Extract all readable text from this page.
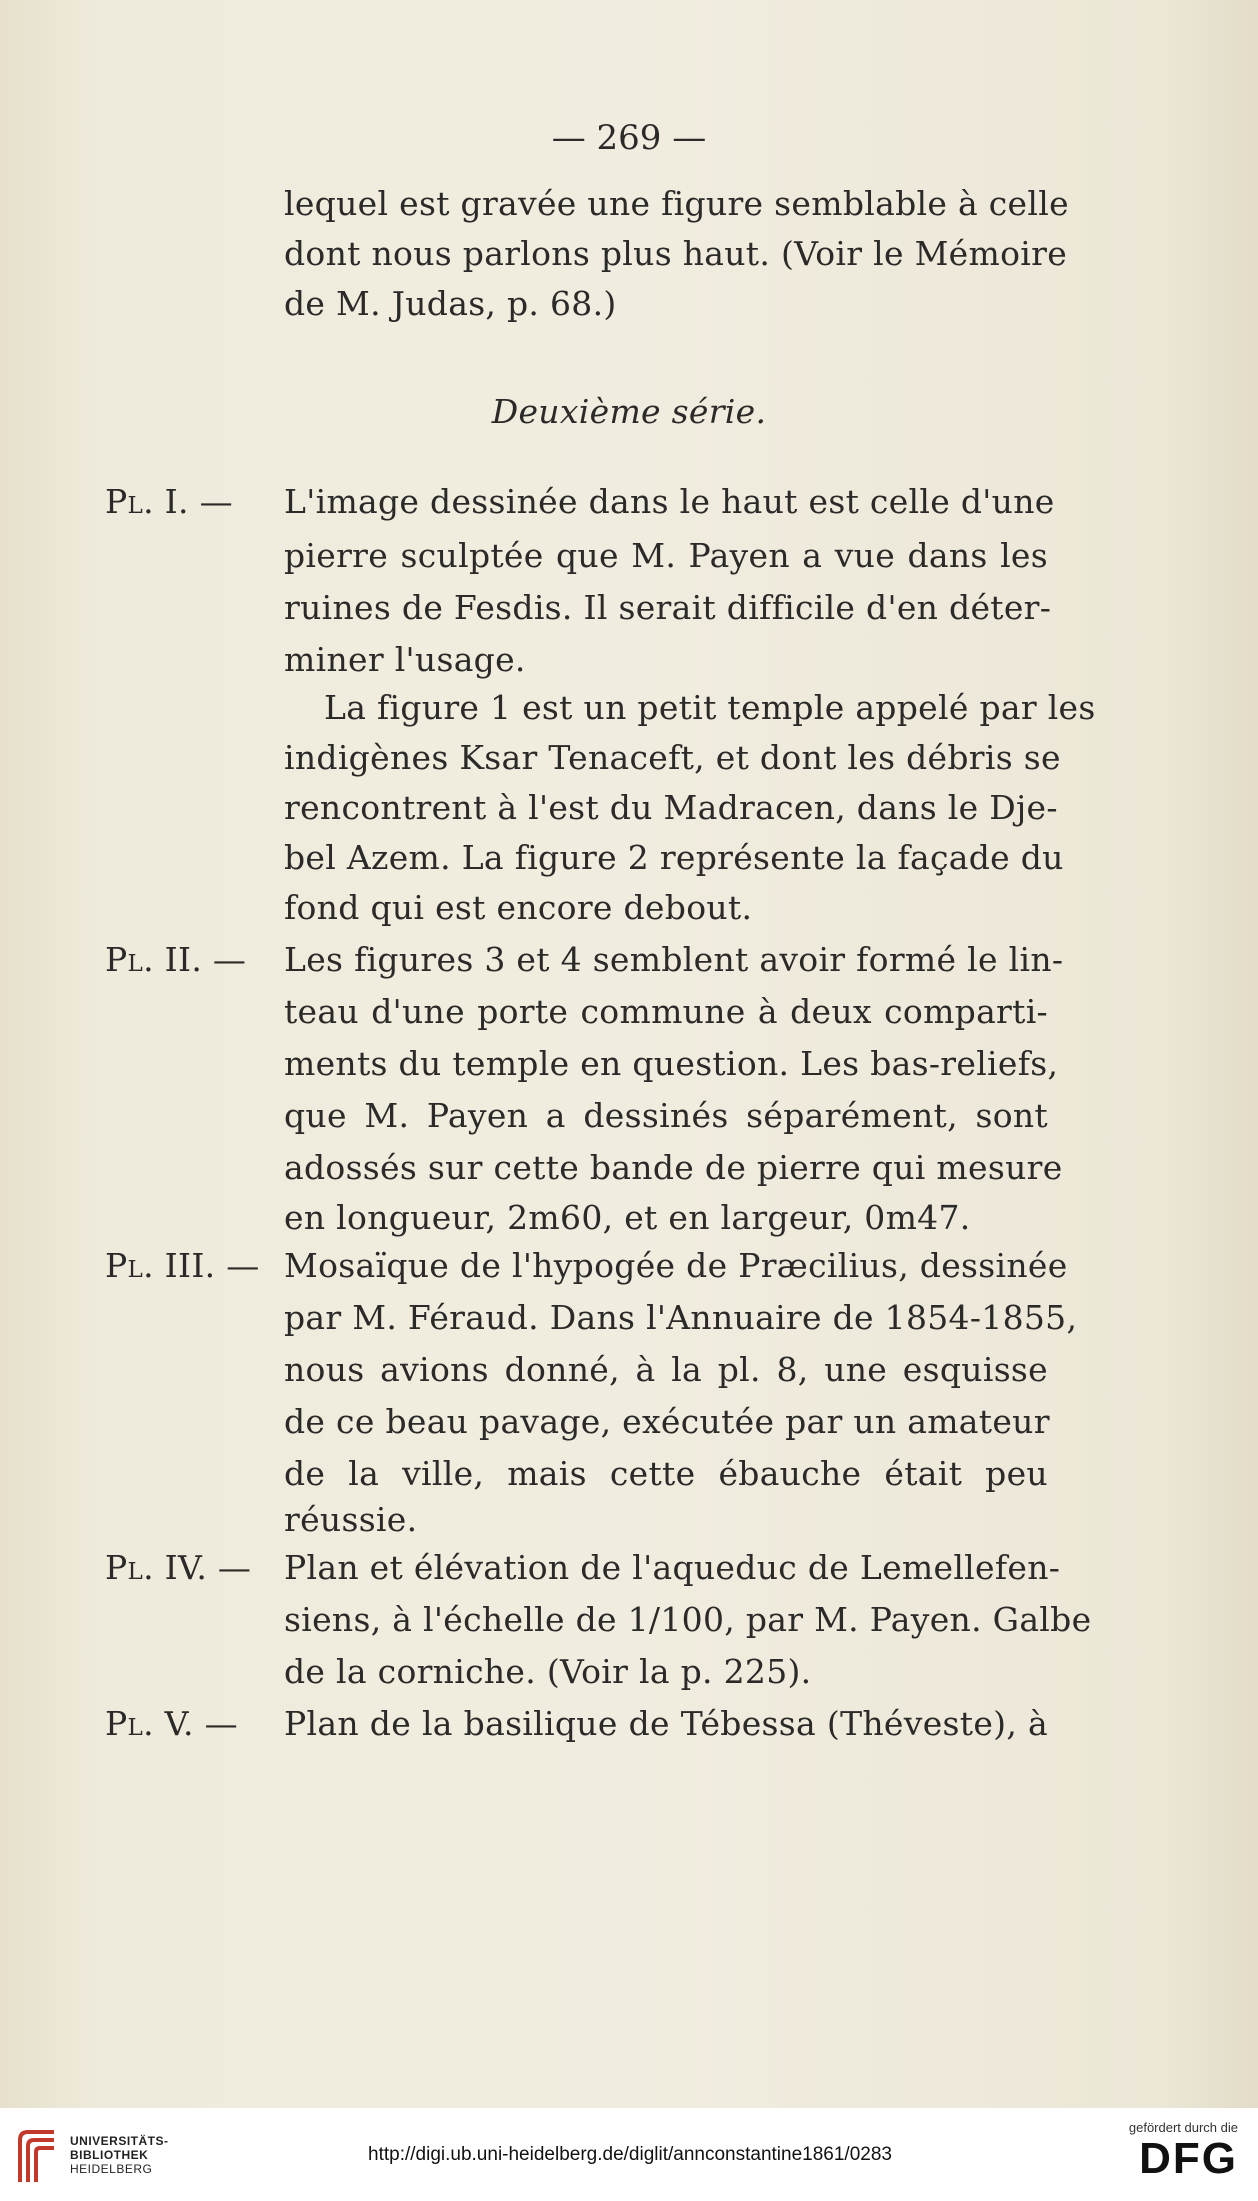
— 269 —
lequel est gravée une figure semblable à celle
dont nous parlons plus haut. (Voir le Mémoire
de M. Judas, p. 68.)
Deuxième série.
Pl. I. —	L'image dessinée dans le haut est celle d'une
pierre sculptée que M. Payen a vue dans les
ruines de Fesdis. Il serait difficile d'en déter-
miner l'usage.
La figure 1 est un petit temple appelé par les
indigènes Ksar Tenaceft, et dont les débris se
rencontrent à l'est du Madracen, dans le Dje-
bel Azem. La figure 2 représente la façade du
fond qui est encore debout.
Pl. II. —	Les figures 3 et 4 semblent avoir formé le lin-
teau d'une porte commune à deux comparti-
ments du temple en question. Les bas-reliefs,
que M. Payen a dessinés séparément, sont
adossés sur cette bande de pierre qui mesure
en longueur, 2m60, et en largeur, 0m47.
Pl. III. — Mosaïque de l'hypogée de Præcilius, dessinée
par M. Féraud. Dans l'Annuaire de 1854-1855,
nous avions donné, à la pl. 8, une esquisse
de ce beau pavage, exécutée par un amateur
de la ville, mais cette ébauche était peu
réussie.
Pl. IV. — Plan et élévation de l'aqueduc de Lemellefen-
siens, à l'échelle de 1/100, par M. Payen. Galbe
de la corniche. (Voir la p. 225).
Pl. V. —	Plan de la basilique de Tébessa (Théveste), à
UNIVERSITÄTS-
BIBLIOTHEK
HEIDELBERG
http://digi.ub.uni-heidelberg.de/diglit/annconstantine1861/0283
gefördert durch die
DFG
